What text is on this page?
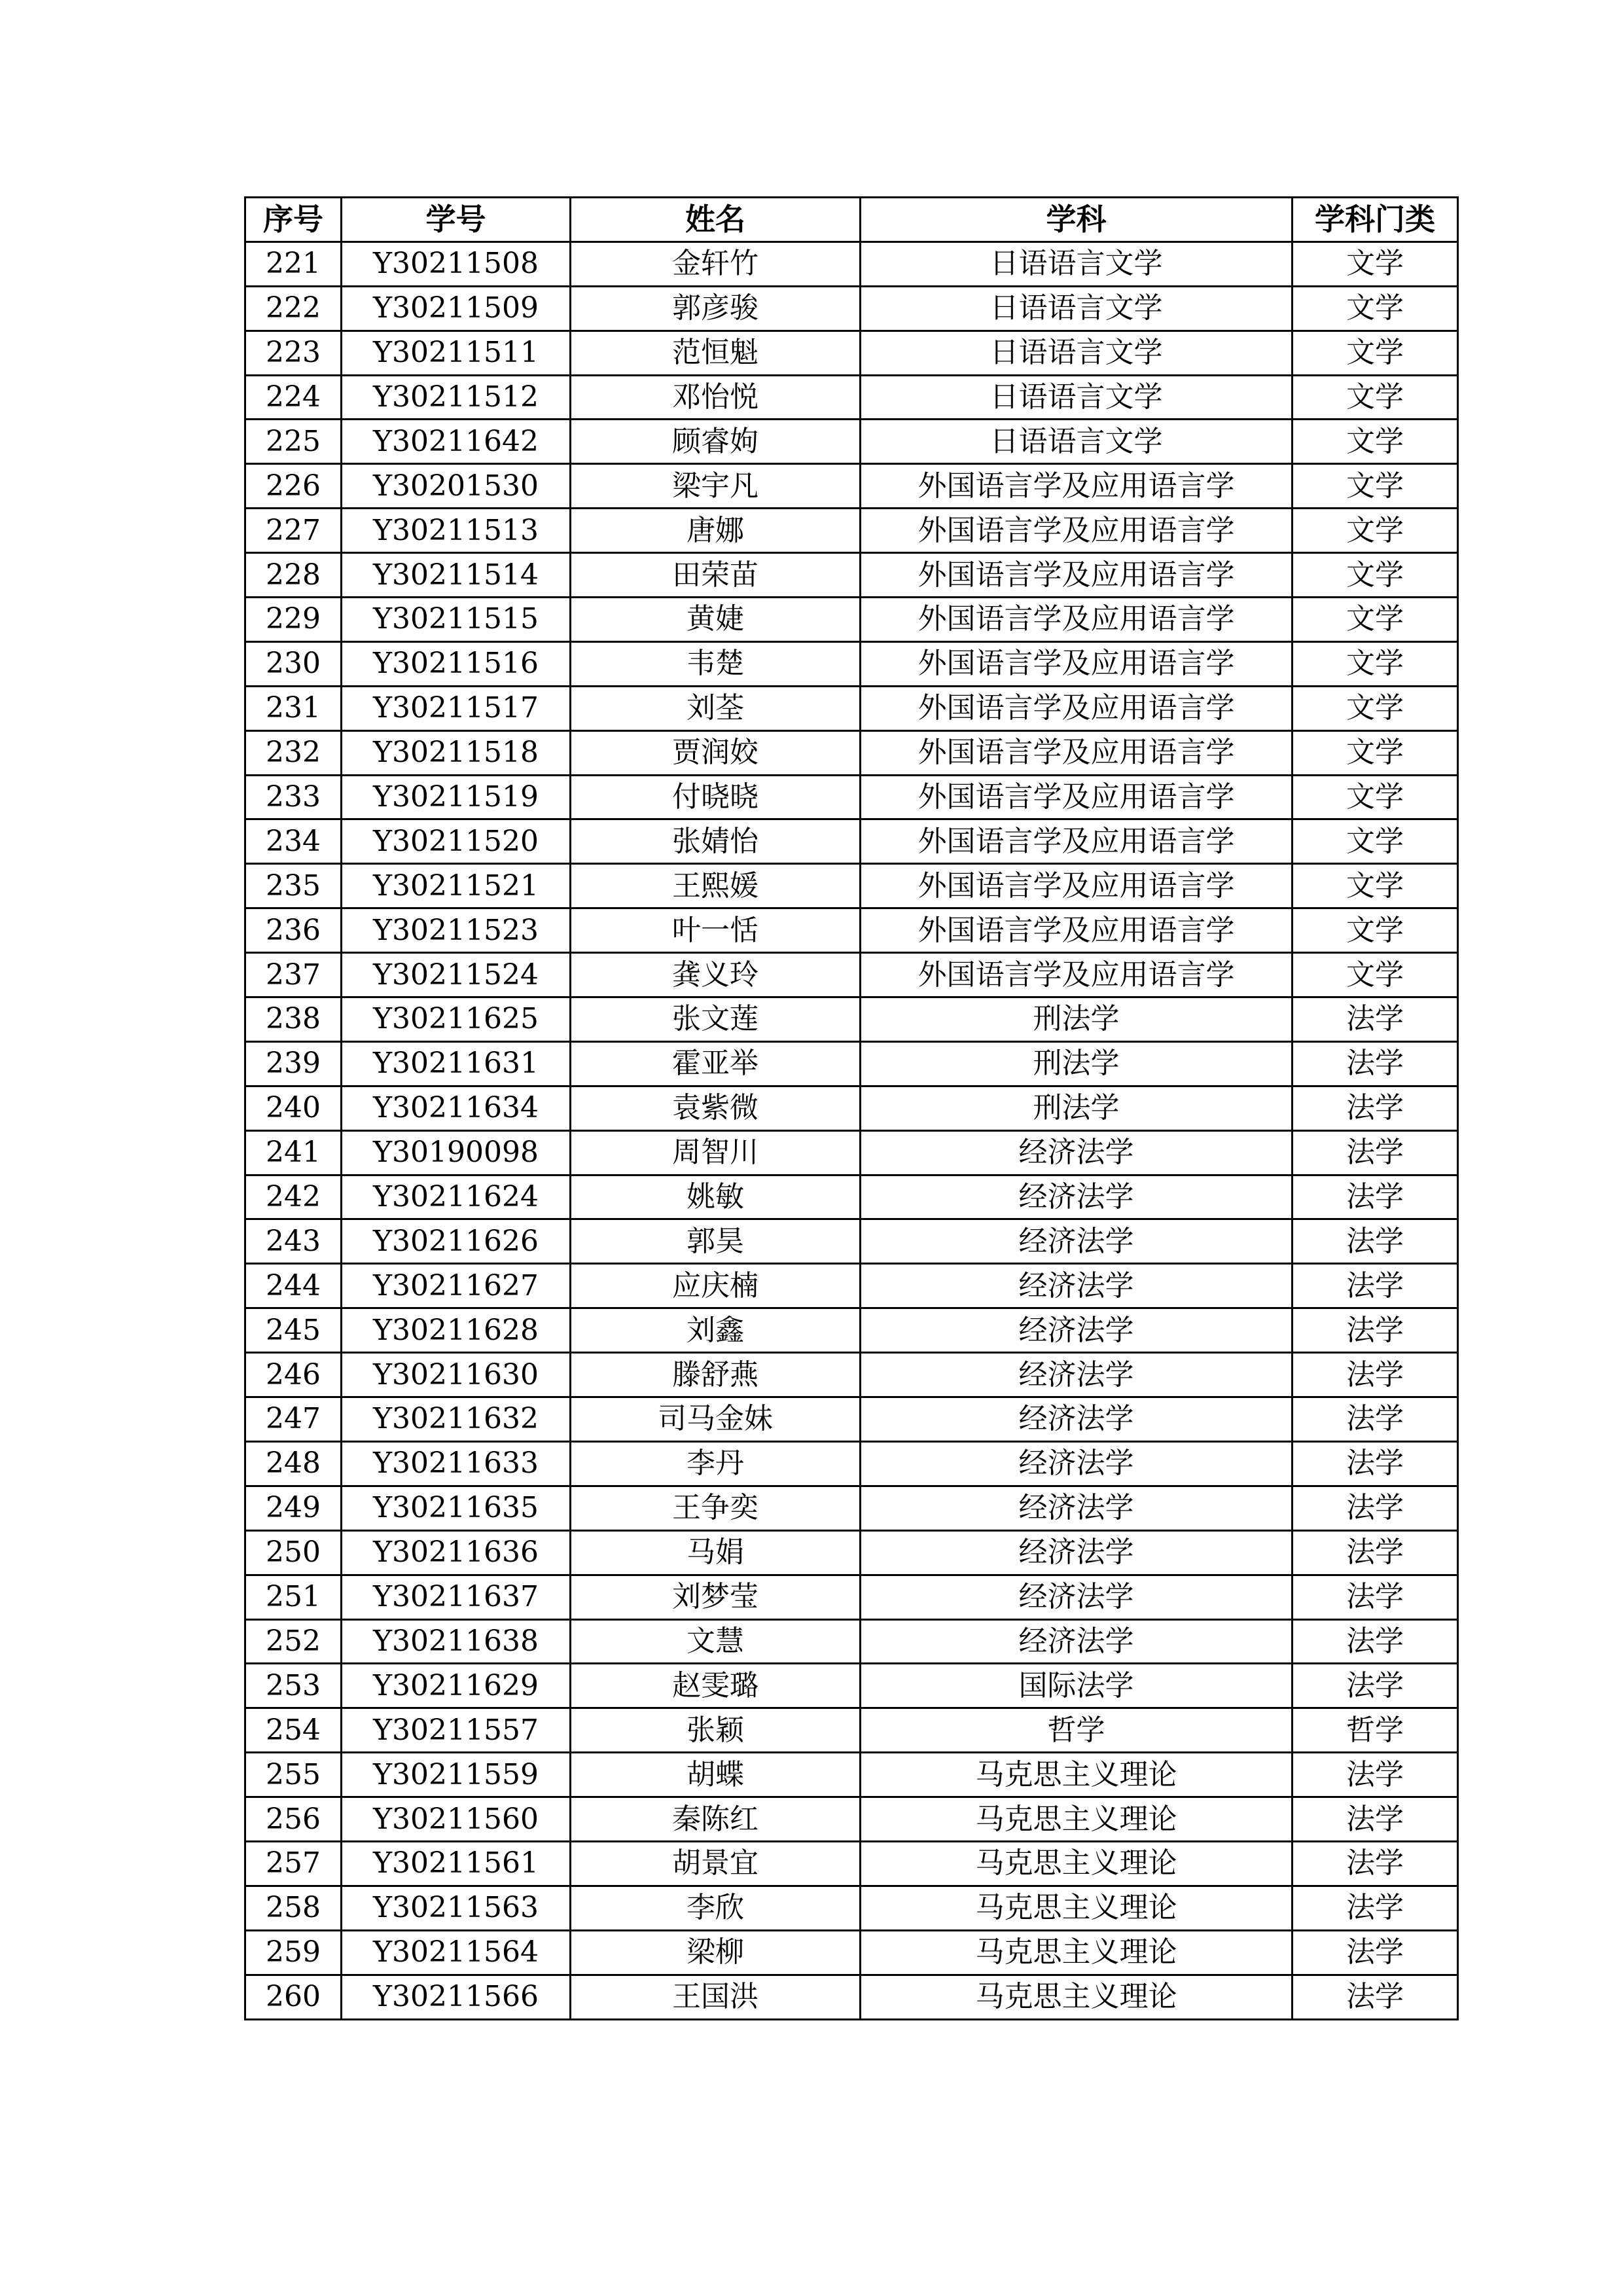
序号	学号	姓名	学科	学科门类
221	Y30211508	金轩竹	日语语言文学	文学
222	Y30211509	郭彦骏	日语语言文学	文学
223	Y30211511	范恒魁	日语语言文学	文学
224	Y30211512	邓怡悦	日语语言文学	文学
225	Y30211642	顾睿姁	日语语言文学	文学
226	Y30201530	梁宇凡	外国语言学及应用语言学	文学
227	Y30211513	唐娜	外国语言学及应用语言学	文学
228	Y30211514	田荣苗	外国语言学及应用语言学	文学
229	Y30211515	黄婕	外国语言学及应用语言学	文学
230	Y30211516	韦楚	外国语言学及应用语言学	文学
231	Y30211517	刘荃	外国语言学及应用语言学	文学
232	Y30211518	贾润姣	外国语言学及应用语言学	文学
233	Y30211519	付晓晓	外国语言学及应用语言学	文学
234	Y30211520	张婧怡	外国语言学及应用语言学	文学
235	Y30211521	王熙媛	外国语言学及应用语言学	文学
236	Y30211523	叶一恬	外国语言学及应用语言学	文学
237	Y30211524	龚义玲	外国语言学及应用语言学	文学
238	Y30211625	张文莲	刑法学	法学
239	Y30211631	霍亚举	刑法学	法学
240	Y30211634	袁紫微	刑法学	法学
241	Y30190098	周智川	经济法学	法学
242	Y30211624	姚敏	经济法学	法学
243	Y30211626	郭昊	经济法学	法学
244	Y30211627	应庆楠	经济法学	法学
245	Y30211628	刘鑫	经济法学	法学
246	Y30211630	滕舒燕	经济法学	法学
247	Y30211632	司马金妹	经济法学	法学
248	Y30211633	李丹	经济法学	法学
249	Y30211635	王争奕	经济法学	法学
250	Y30211636	马娟	经济法学	法学
251	Y30211637	刘梦莹	经济法学	法学
252	Y30211638	文慧	经济法学	法学
253	Y30211629	赵雯璐	国际法学	法学
254	Y30211557	张颖	哲学	哲学
255	Y30211559	胡蝶	马克思主义理论	法学
256	Y30211560	秦陈红	马克思主义理论	法学
257	Y30211561	胡景宜	马克思主义理论	法学
258	Y30211563	李欣	马克思主义理论	法学
259	Y30211564	梁柳	马克思主义理论	法学
260	Y30211566	王国洪	马克思主义理论	法学
